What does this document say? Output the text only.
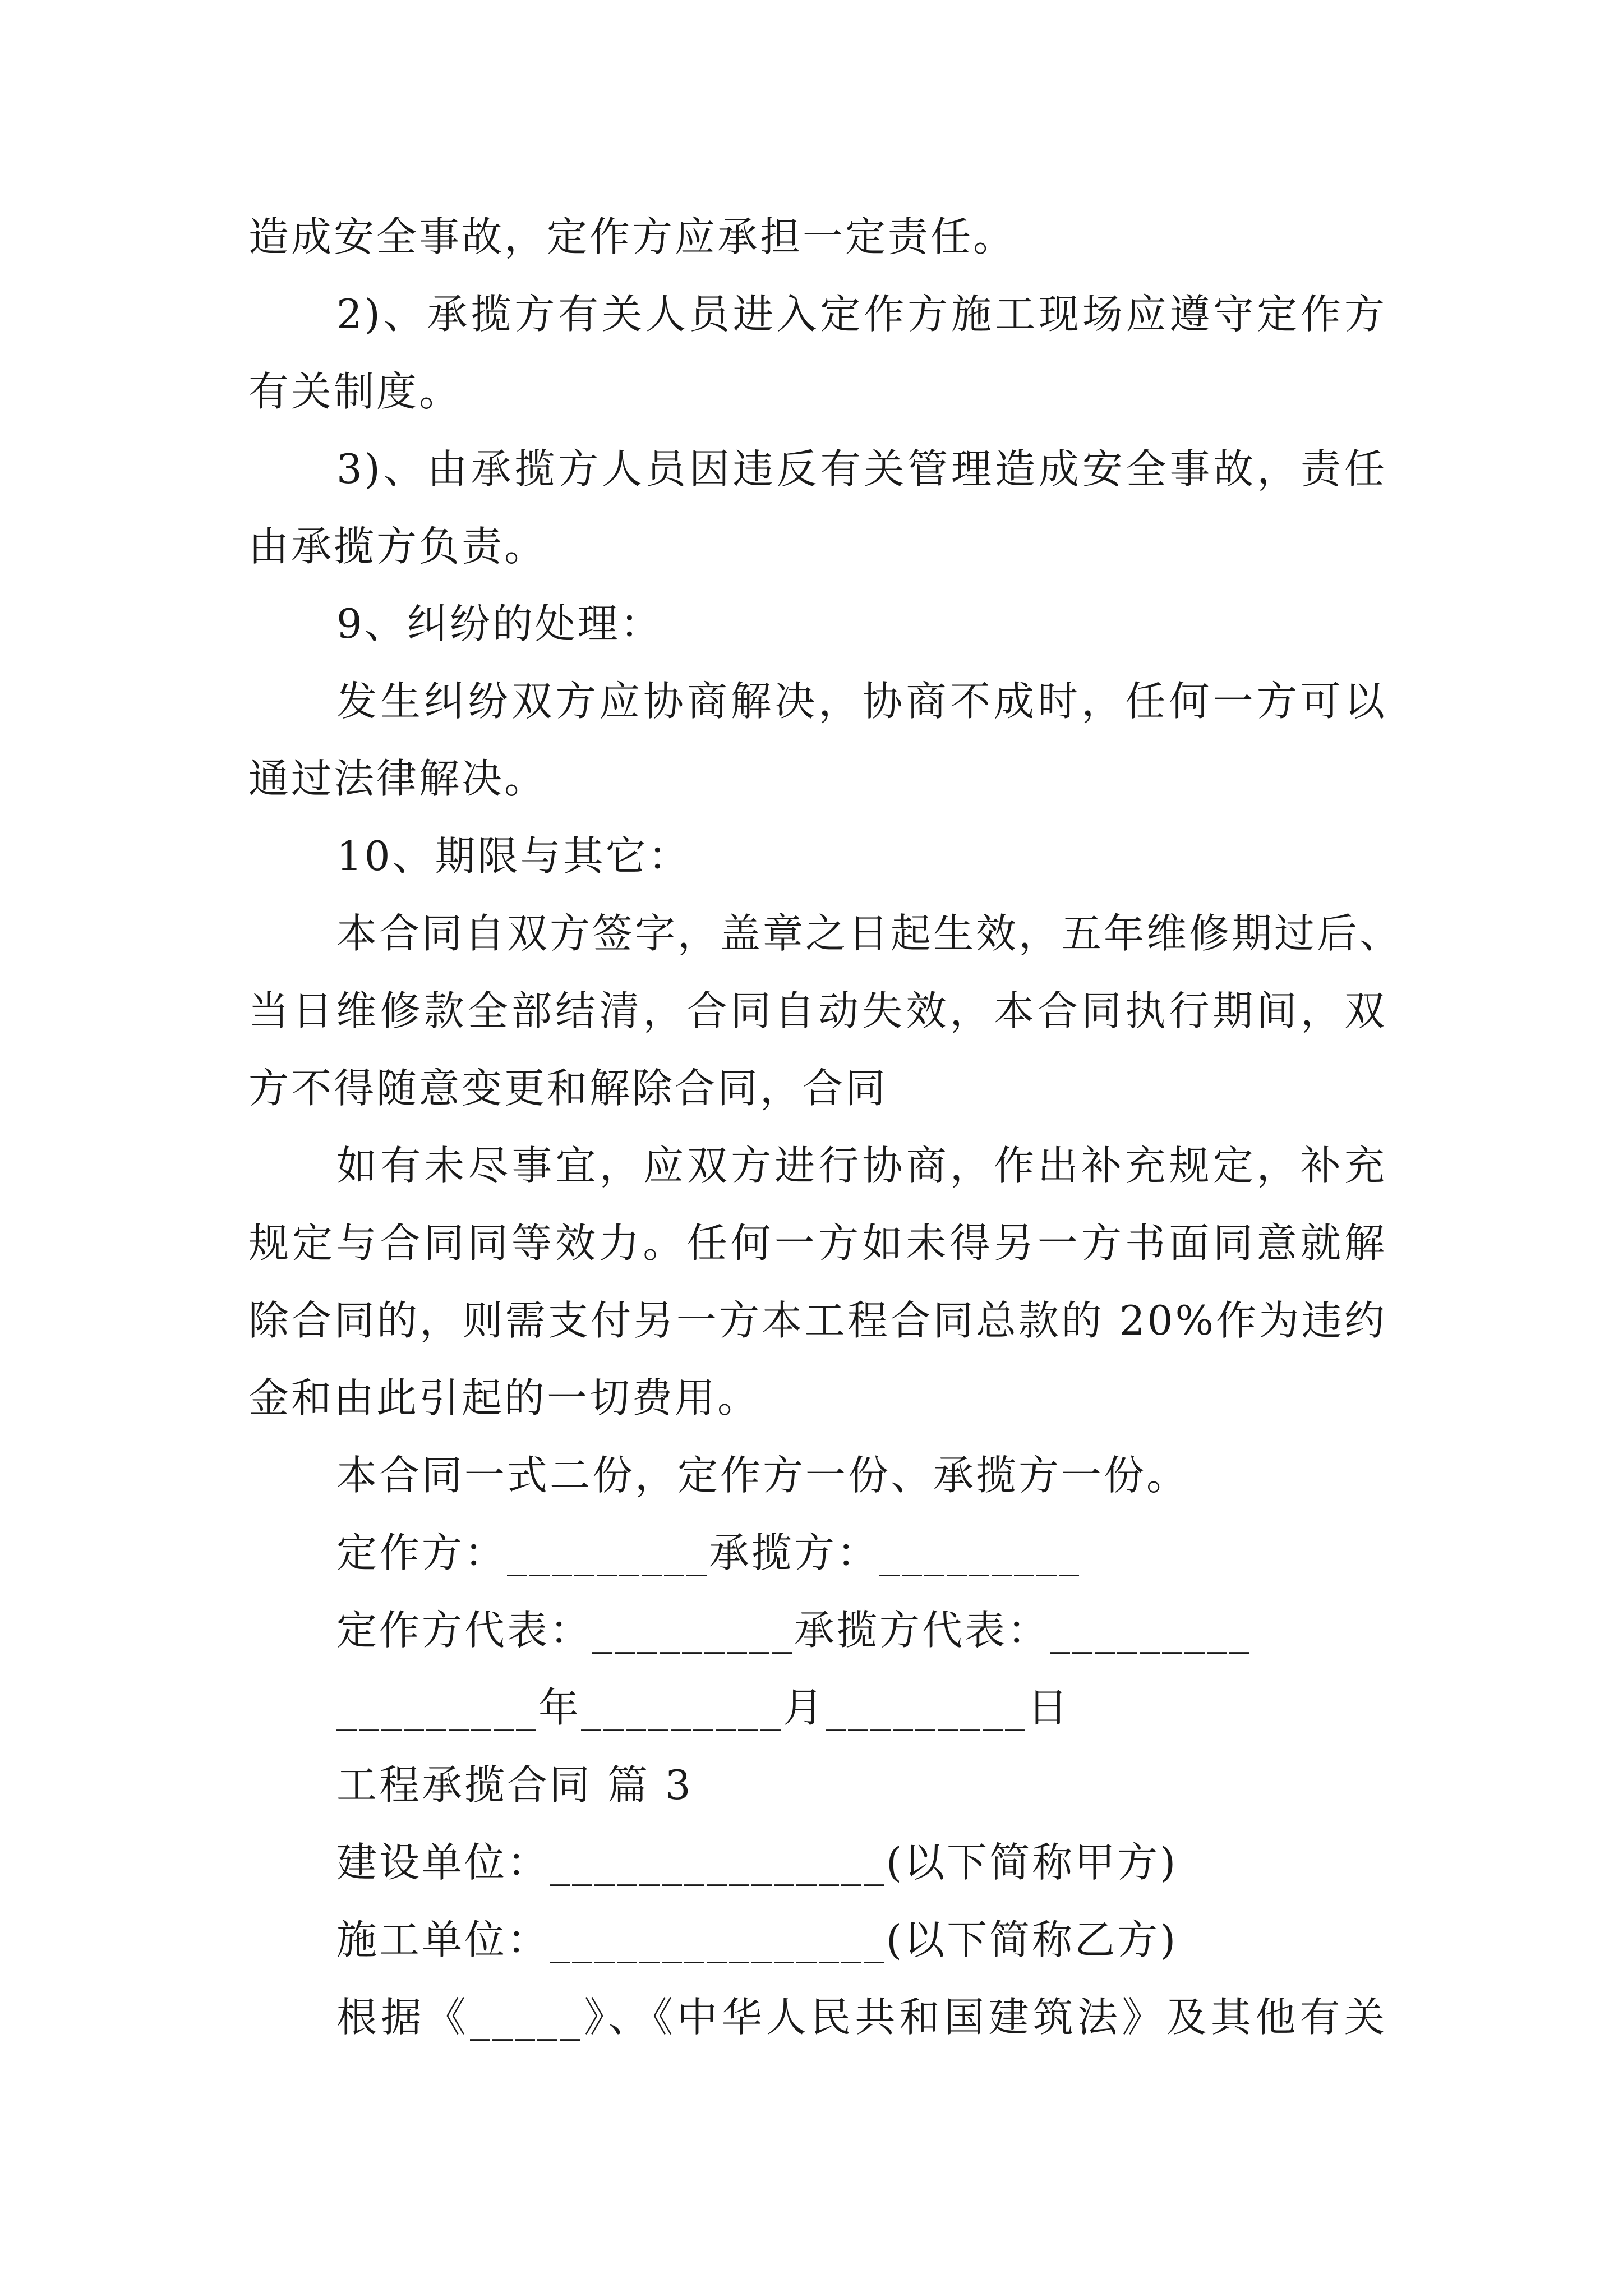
造成安全事故，定作方应承担一定责任。
2)、承揽方有关人员进入定作方施工现场应遵守定作方
有关制度。
3)、由承揽方人员因违反有关管理造成安全事故，责任
由承揽方负责。
9、纠纷的处理：
发生纠纷双方应协商解决，协商不成时，任何一方可以
通过法律解决。
10、期限与其它：
本合同自双方签字，盖章之日起生效，五年维修期过后、
当日维修款全部结清，合同自动失效，本合同执行期间，双
方不得随意变更和解除合同，合同
如有未尽事宜，应双方进行协商，作出补充规定，补充
规定与合同同等效力。任何一方如未得另一方书面同意就解
除合同的，则需支付另一方本工程合同总款的 20%作为违约
金和由此引起的一切费用。
本合同一式二份，定作方一份、承揽方一份。
定作方：_________承揽方：_________
定作方代表：_________承揽方代表：_________
_________年_________月_________日
工程承揽合同 篇 3
建设单位：_______________(以下简称甲方)
施工单位：_______________(以下简称乙方)
根据《_____》、《中华人民共和国建筑法》及其他有关
